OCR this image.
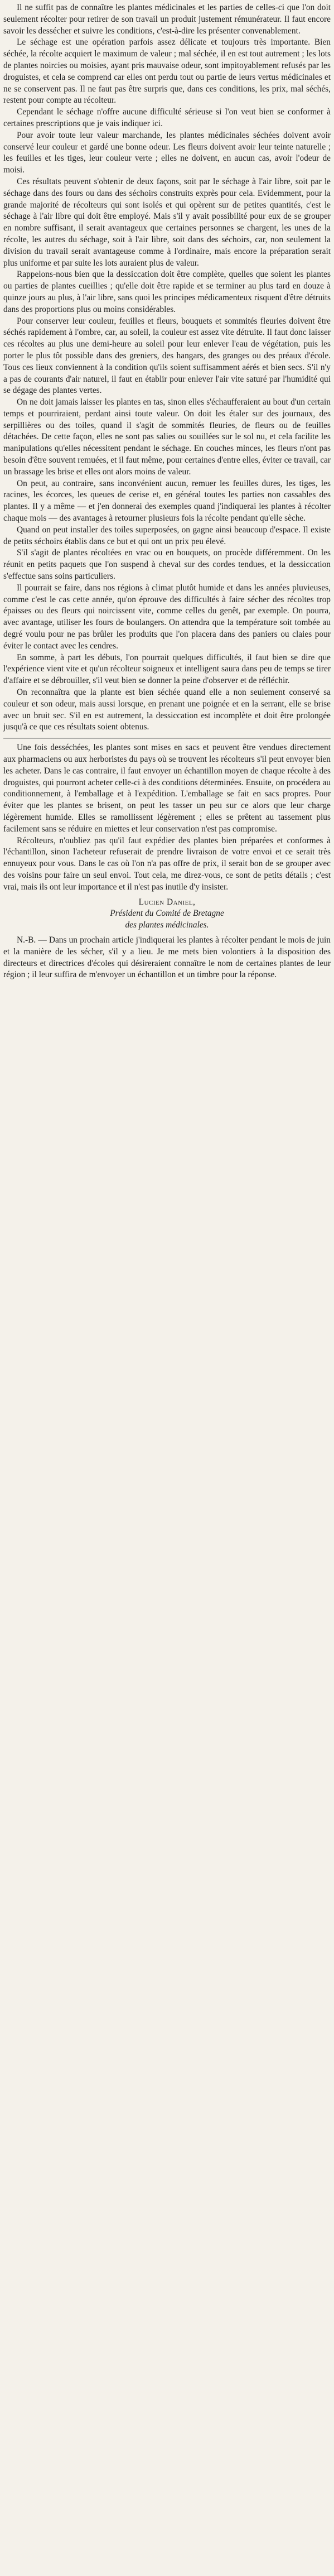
Il ne suffit pas de connaître les plantes médicinales et les parties de celles-ci que l'on doit seulement récolter pour retirer de son travail un produit justement rémunérateur. Il faut encore savoir les dessécher et suivre les conditions, c'est-à-dire les présenter convenablement.

Le séchage est une opération parfois assez délicate et toujours très importante. Bien séchée, la récolte acquiert le maximum de valeur ; mal séchée, il en est tout autrement ; les lots de plantes noircies ou moisies, ayant pris mauvaise odeur, sont impitoyablement refusés par les droguistes, et cela se comprend car elles ont perdu tout ou partie de leurs vertus médicinales et ne se conservent pas. Il ne faut pas être surpris que, dans ces conditions, les prix, mal séchés, restent pour compte au récolteur.

Cependant le séchage n'offre aucune difficulté sérieuse si l'on veut bien se conformer à certaines prescriptions que je vais indiquer ici.

Pour avoir toute leur valeur marchande, les plantes médicinales séchées doivent avoir conservé leur couleur et gardé une bonne odeur. Les fleurs doivent avoir leur teinte naturelle ; les feuilles et les tiges, leur couleur verte ; elles ne doivent, en aucun cas, avoir l'odeur de moisi.

Ces résultats peuvent s'obtenir de deux façons, soit par le séchage à l'air libre, soit par le séchage dans des fours ou dans des séchoirs construits exprès pour cela. Evidemment, pour la grande majorité de récolteurs qui sont isolés et qui opèrent sur de petites quantités, c'est le séchage à l'air libre qui doit être employé. Mais s'il y avait possibilité pour eux de se grouper en nombre suffisant, il serait avantageux que certaines personnes se chargent, les unes de la récolte, les autres du séchage, soit à l'air libre, soit dans des séchoirs, car, non seulement la division du travail serait avantageuse comme à l'ordinaire, mais encore la préparation serait plus uniforme et par suite les lots auraient plus de valeur.

Rappelons-nous bien que la dessiccation doit être complète, quelles que soient les plantes ou parties de plantes cueillies ; qu'elle doit être rapide et se terminer au plus tard en douze à quinze jours au plus, à l'air libre, sans quoi les principes médicamenteux risquent d'être détruits dans des proportions plus ou moins considérables.

Pour conserver leur couleur, feuilles et fleurs, bouquets et sommités fleuries doivent être séchés rapidement à l'ombre, car, au soleil, la couleur est assez vite détruite. Il faut donc laisser ces récoltes au plus une demi-heure au soleil pour leur enlever l'eau de végétation, puis les porter le plus tôt possible dans des greniers, des hangars, des granges ou des préaux d'école. Tous ces lieux conviennent à la condition qu'ils soient suffisamment aérés et bien secs. S'il n'y a pas de courants d'air naturel, il faut en établir pour enlever l'air vite saturé par l'humidité qui se dégage des plantes vertes.

On ne doit jamais laisser les plantes en tas, sinon elles s'échaufferaient au bout d'un certain temps et pourriraient, perdant ainsi toute valeur. On doit les étaler sur des journaux, des serpillières ou des toiles, quand il s'agit de sommités fleuries, de fleurs ou de feuilles détachées. De cette façon, elles ne sont pas salies ou souillées sur le sol nu, et cela facilite les manipulations qu'elles nécessitent pendant le séchage. En couches minces, les fleurs n'ont pas besoin d'être souvent remuées, et il faut même, pour certaines d'entre elles, éviter ce travail, car un brassage les brise et elles ont alors moins de valeur.

On peut, au contraire, sans inconvénient aucun, remuer les feuilles dures, les tiges, les racines, les écorces, les queues de cerise et, en général toutes les parties non cassables des plantes. Il y a même — et j'en donnerai des exemples quand j'indiquerai les plantes à récolter chaque mois — des avantages à retourner plusieurs fois la récolte pendant qu'elle sèche.

Quand on peut installer des toiles superposées, on gagne ainsi beaucoup d'espace. Il existe de petits séchoirs établis dans ce but et qui ont un prix peu élevé.

S'il s'agit de plantes récoltées en vrac ou en bouquets, on procède différemment. On les réunit en petits paquets que l'on suspend à cheval sur des cordes tendues, et la dessiccation s'effectue sans soins particuliers.

Il pourrait se faire, dans nos régions à climat plutôt humide et dans les années pluvieuses, comme c'est le cas cette année, qu'on éprouve des difficultés à faire sécher des récoltes trop épaisses ou des fleurs qui noircissent vite, comme celles du genêt, par exemple. On pourra, avec avantage, utiliser les fours de boulangers. On attendra que la température soit tombée au degré voulu pour ne pas brûler les produits que l'on placera dans des paniers ou claies pour éviter le contact avec les cendres.

En somme, à part les débuts, l'on pourrait quelques difficultés, il faut bien se dire que l'expérience vient vite et qu'un récolteur soigneux et intelligent saura dans peu de temps se tirer d'affaire et se débrouiller, s'il veut bien se donner la peine d'observer et de réfléchir.

On reconnaîtra que la plante est bien séchée quand elle a non seulement conservé sa couleur et son odeur, mais aussi lorsque, en prenant une poignée et en la serrant, elle se brise avec un bruit sec. S'il en est autrement, la dessiccation est incomplète et doit être prolongée jusqu'à ce que ces résultats soient obtenus.

Une fois desséchées, les plantes sont mises en sacs et peuvent être vendues directement aux pharmaciens ou aux herboristes du pays où se trouvent les récolteurs s'il peut envoyer bien les acheter. Dans le cas contraire, il faut envoyer un échantillon moyen de chaque récolte à des droguistes, qui pourront acheter celle-ci à des conditions déterminées. Ensuite, on procédera au conditionnement, à l'emballage et à l'expédition. L'emballage se fait en sacs propres. Pour éviter que les plantes se brisent, on peut les tasser un peu sur ce alors que leur charge légèrement humide. Elles se ramollissent légèrement ; elles se prêtent au tassement plus facilement sans se réduire en miettes et leur conservation n'est pas compromise.

Récolteurs, n'oubliez pas qu'il faut expédier des plantes bien préparées et conformes à l'échantillon, sinon l'acheteur refuserait de prendre livraison de votre envoi et ce serait très ennuyeux pour vous. Dans le cas où l'on n'a pas offre de prix, il serait bon de se grouper avec des voisins pour faire un seul envoi. Tout cela, me direz-vous, ce sont de petits détails ; c'est vrai, mais ils ont leur importance et il n'est pas inutile d'y insister.

Lucien Daniel,
Président du Comité de Bretagne
des plantes médicinales.

N.-B. — Dans un prochain article j'indiquerai les plantes à récolter pendant le mois de juin et la manière de les sécher, s'il y a lieu. Je me mets bien volontiers à la disposition des directeurs et directrices d'écoles qui désireraient connaître le nom de certaines plantes de leur région ; il leur suffira de m'envoyer un échantillon et un timbre pour la réponse.
